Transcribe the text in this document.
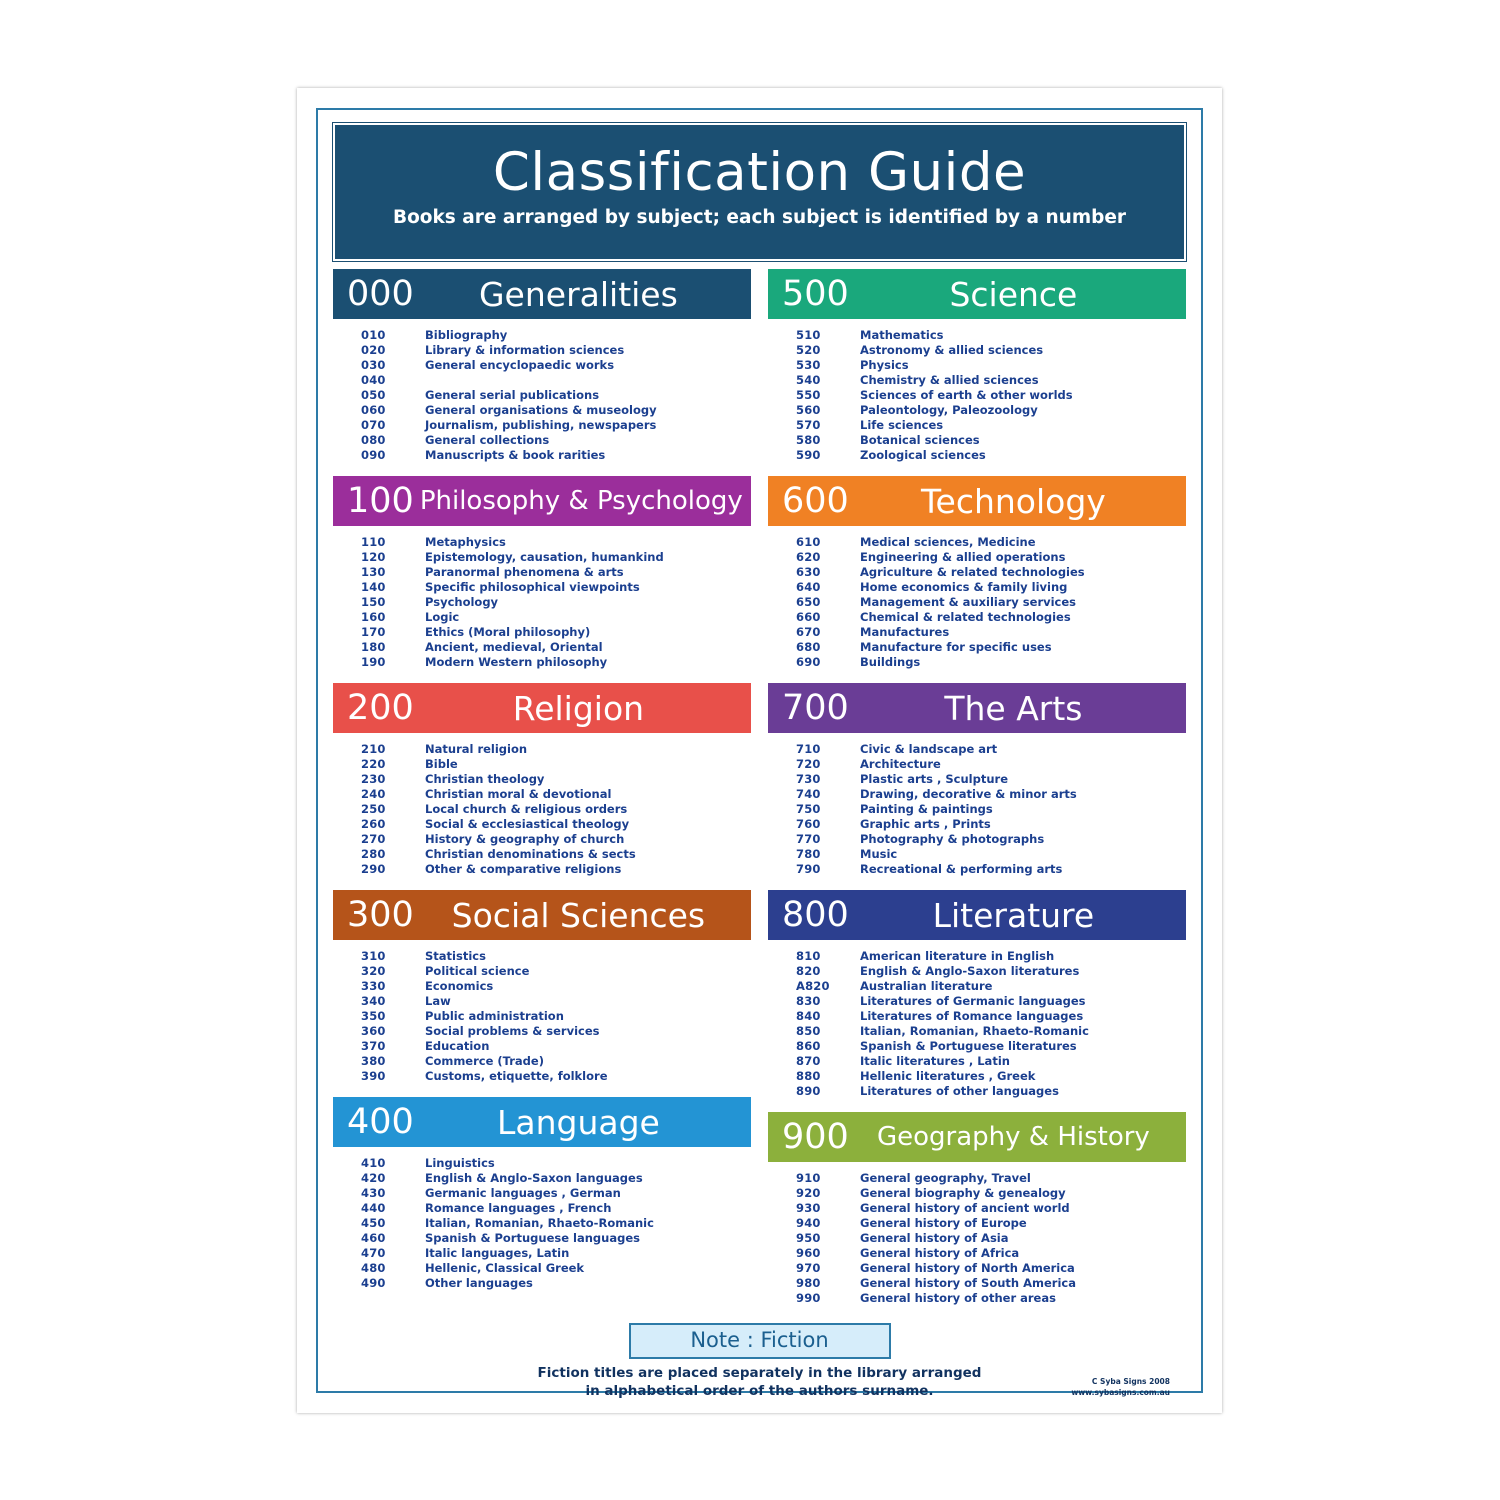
Classification Guide
Books are arranged by subject; each subject is identified by a number
000	Generalities
010	Bibliography
020	Library & information sciences
030	General encyclopaedic works
040
050	General serial publications
060	General organisations & museology
070	Journalism, publishing, newspapers
080	General collections
090	Manuscripts & book rarities
100 Philosophy & Psychology
110	Metaphysics
120	Epistemology, causation, humankind
130	Paranormal phenomena & arts
140	Specific philosophical viewpoints
150	Psychology
160	Logic
170	Ethics (Moral philosophy)
180	Ancient, medieval, Oriental
190	Modern Western philosophy
200	Religion
210	Natural religion
220	Bible
230	Christian theology
240	Christian moral & devotional
250	Local church & religious orders
260	Social & ecclesiastical theology
270	History & geography of church
280	Christian denominations & sects
290	Other & comparative religions
300	Social Sciences
310	Statistics
320	Political science
330	Economics
340	Law
350	Public administration
360	Social problems & services
370	Education
380	Commerce (Trade)
390	Customs, etiquette, folklore
400	Language
410	Linguistics
420	English & Anglo-Saxon languages
430	Germanic languages , German
440	Romance languages , French
450	Italian, Romanian, Rhaeto-Romanic
460	Spanish & Portuguese languages
470	Italic languages, Latin
480	Hellenic, Classical Greek
490	Other languages
500	Science
510	Mathematics
520	Astronomy & allied sciences
530	Physics
540	Chemistry & allied sciences
550	Sciences of earth & other worlds
560	Paleontology, Paleozoology
570	Life sciences
580	Botanical sciences
590	Zoological sciences
600	Technology
610	Medical sciences, Medicine
620	Engineering & allied operations
630	Agriculture & related technologies
640	Home economics & family living
650	Management & auxiliary services
660	Chemical & related technologies
670	Manufactures
680	Manufacture for specific uses
690	Buildings
700	The Arts
710	Civic & landscape art
720	Architecture
730	Plastic arts , Sculpture
740	Drawing, decorative & minor arts
750	Painting & paintings
760	Graphic arts , Prints
770	Photography & photographs
780	Music
790	Recreational & performing arts
800	Literature
810	American literature in English
820	English & Anglo-Saxon literatures
A820	Australian literature
830	Literatures of Germanic languages
840	Literatures of Romance languages
850	Italian, Romanian, Rhaeto-Romanic
860	Spanish & Portuguese literatures
870	Italic literatures , Latin
880	Hellenic literatures , Greek
890	Literatures of other languages
900	Geography & History
910	General geography, Travel
920	General biography & genealogy
930	General history of ancient world
940	General history of Europe
950	General history of Asia
960	General history of Africa
970	General history of North America
980	General history of South America
990	General history of other areas
Note : Fiction
Fiction titles are placed separately in the library arranged
in alphabetical order of the authors surname.
C Syba Signs 2008
www.sybasigns.com.au
